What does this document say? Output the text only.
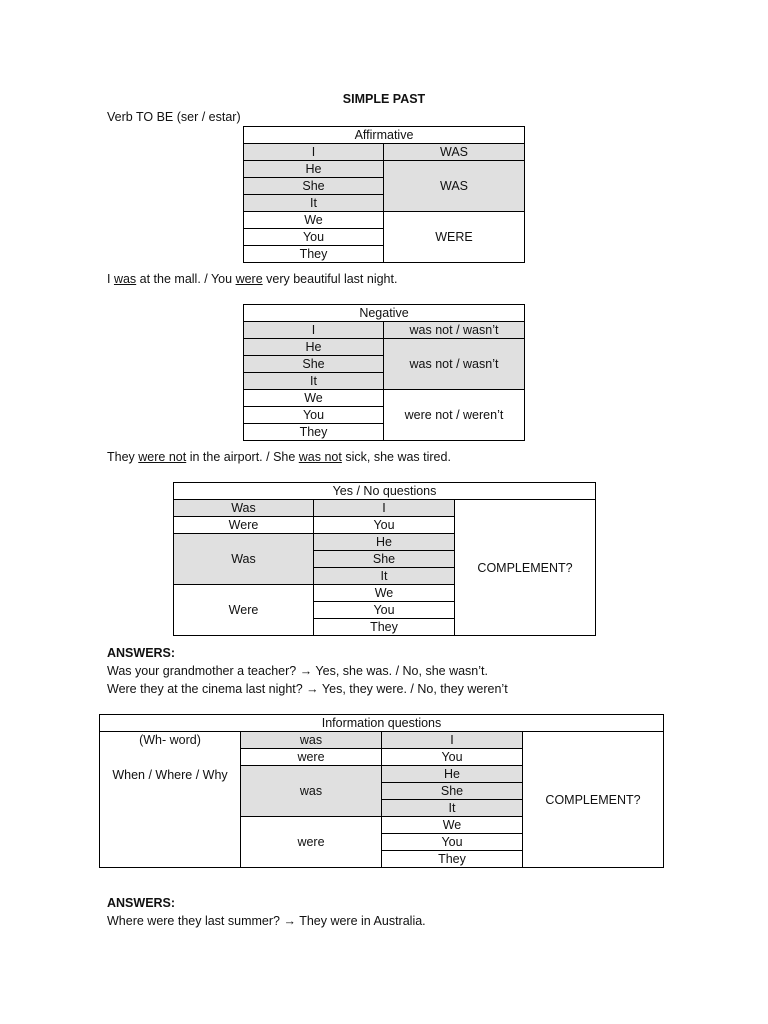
SIMPLE PAST
Verb TO BE (ser / estar)
Affirmative	
I	WAS
He	WAS
She	
It	
We	WERE
You	
They	
I was at the mall. / You were very beautiful last night.
Negative	
I	was not / wasn’t
He	was not / wasn’t
She	
It	
We	were not / weren’t
You	
They	
They were not in the airport. / She was not sick, she was tired.
Yes / No questions		
Was	I	COMPLEMENT?
Were	You	
Was	He	
	She	
	It	
Were	We	
	You	
	They	
ANSWERS:
Was your grandmother a teacher? → Yes, she was. / No, she wasn’t.
Were they at the cinema last night? → Yes, they were. / No, they weren’t
Information questions			
(Wh- word)	was	I	COMPLEMENT?

When / Where / Why	were	You	
	was	He	
		She	
		It	
	were	We	
		You	
		They	
ANSWERS:
Where were they last summer? → They were in Australia.
